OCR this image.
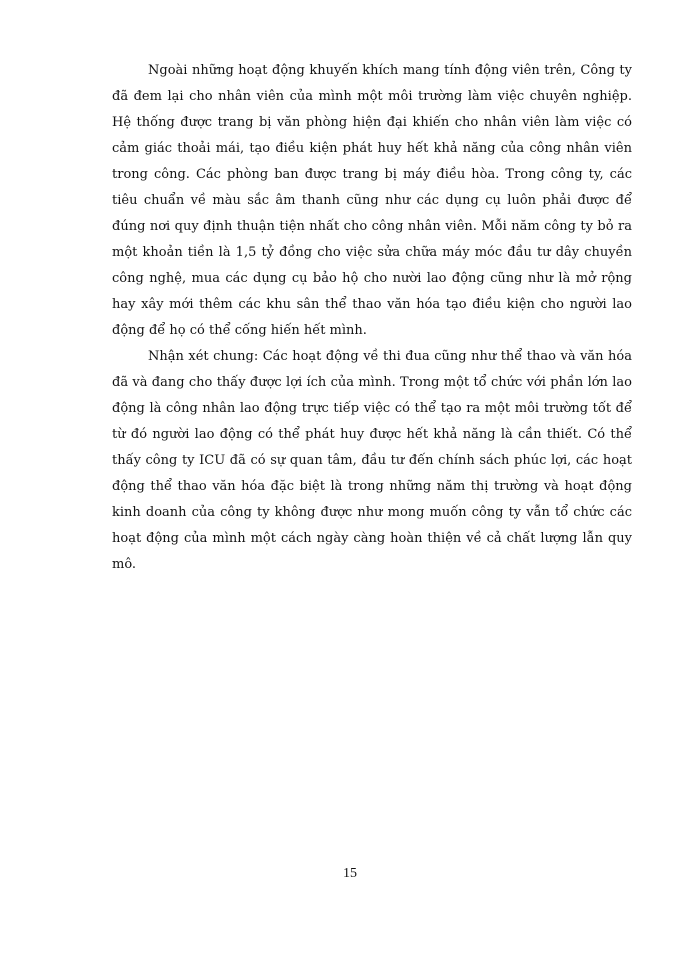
Ngoài những hoạt động khuyến khích mang tính động viên trên, Công ty đã đem lại cho nhân viên của mình một môi trường làm việc chuyên nghiệp. Hệ thống được trang bị văn phòng hiện đại khiến cho nhân viên làm việc có cảm giác thoải mái, tạo điều kiện phát huy hết khả năng của công nhân viên trong công. Các phòng ban được trang bị máy điều hòa. Trong công ty, các tiêu chuẩn về màu sắc âm thanh cũng như các dụng cụ luôn phải được để đúng nơi quy định thuận tiện nhất cho công nhân viên. Mỗi năm công ty bỏ ra một khoản tiền là 1,5 tỷ đồng cho việc sửa chữa máy móc đầu tư dây chuyền công nghệ, mua các dụng cụ bảo hộ cho nười lao động cũng như là mở rộng hay xây mới thêm các khu sân thể thao văn hóa tạo điều kiện cho người lao động để họ có thể cống hiến hết mình.

Nhận xét chung: Các hoạt động về thi đua cũng như thể thao và văn hóa đã và đang cho thấy được lợi ích của mình. Trong một tổ chức với phần lớn lao động là công nhân lao động trực tiếp việc có thể tạo ra một môi trường tốt để từ đó người lao động có thể phát huy được hết khả năng là cần thiết. Có thể thấy công ty ICU đã có sự quan tâm, đầu tư đến chính sách phúc lợi, các hoạt động thể thao văn hóa đặc biệt là trong những năm thị trường và hoạt động kinh doanh của công ty không được như mong muốn công ty vẫn tổ chức các hoạt động của mình một cách ngày càng hoàn thiện về cả chất lượng lẫn quy mô.

15
